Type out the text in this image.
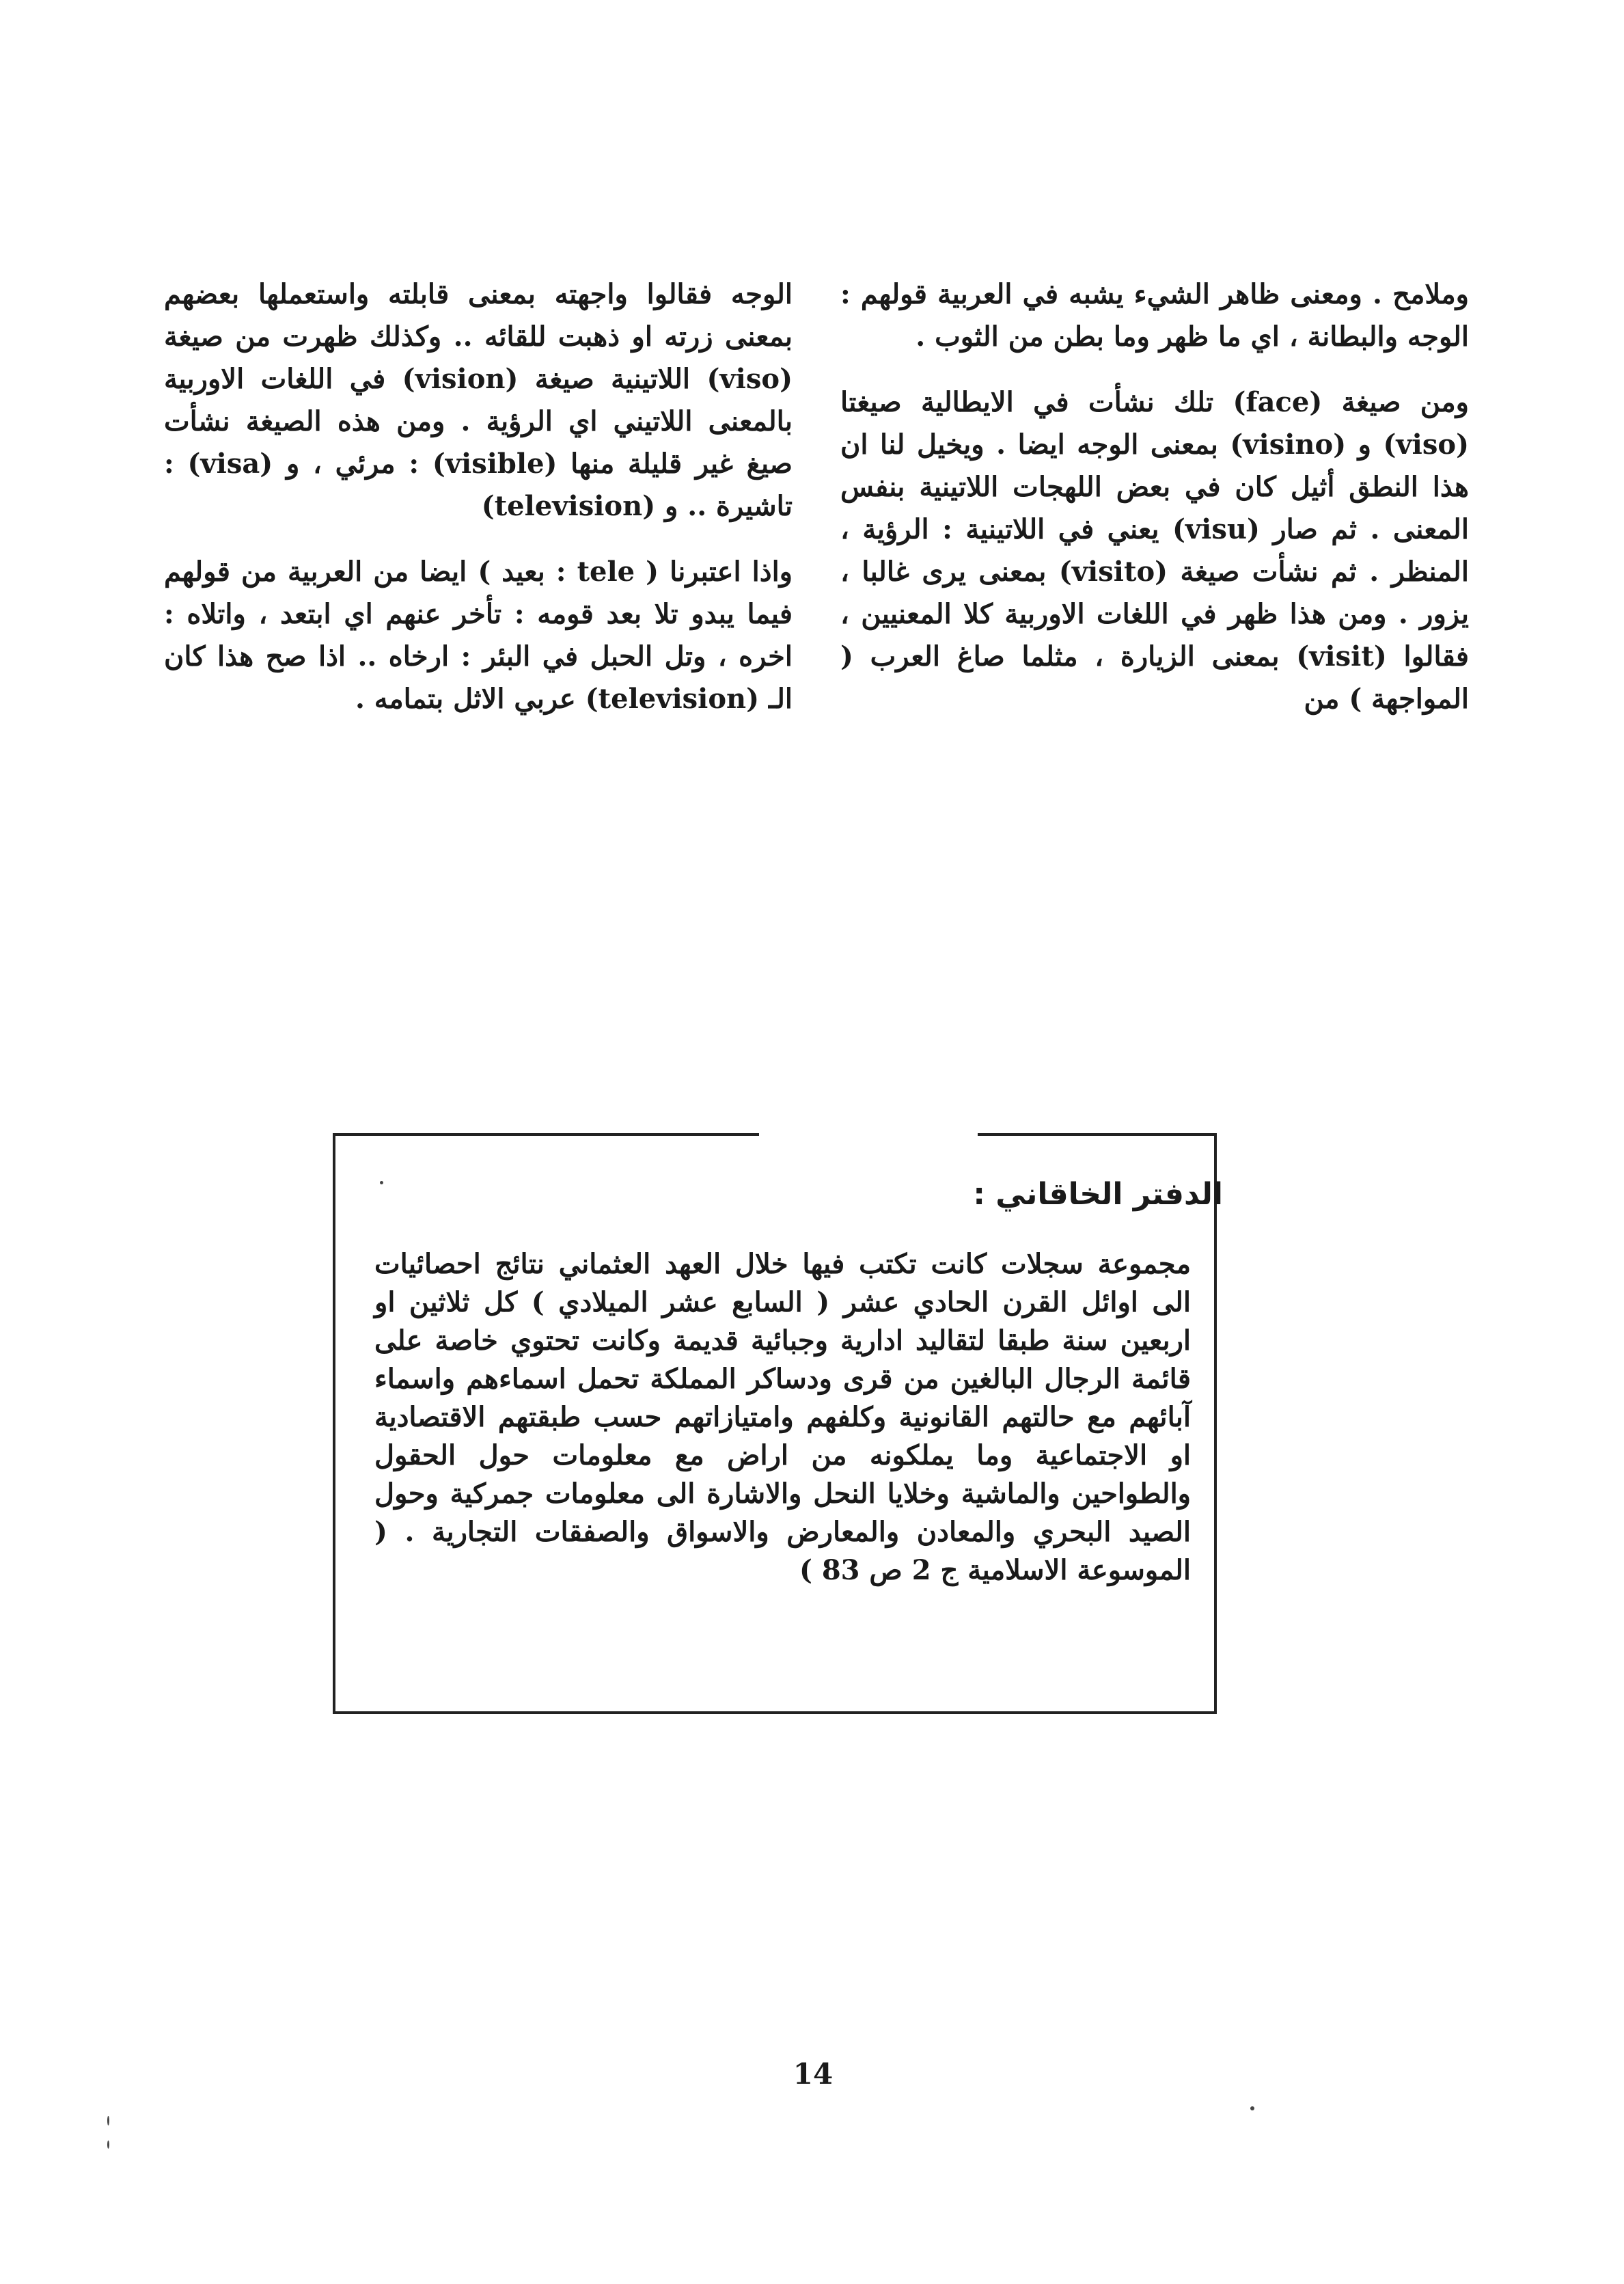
وملامح . ومعنى ظاهر الشيء يشبه في العربية قولهم : الوجه والبطانة ، اي ما ظهر وما بطن من الثوب .

ومن صيغة (face) تلك نشأت في الايطالية صيغتا (viso) و (visino) بمعنى الوجه ايضا . ويخيل لنا ان هذا النطق أثيل كان في بعض اللهجات اللاتينية بنفس المعنى . ثم صار (visu) يعني في اللاتينية : الرؤية ، المنظر . ثم نشأت صيغة (visito) بمعنى يرى غالبا ، يزور . ومن هذا ظهر في اللغات الاوربية كلا المعنيين ، فقالوا (visit) بمعنى الزيارة ، مثلما صاغ العرب ( المواجهة ) من

الوجه فقالوا واجهته بمعنى قابلته واستعملها بعضهم بمعنى زرته او ذهبت للقائه .. وكذلك ظهرت من صيغة (viso) اللاتينية صيغة (vision) في اللغات الاوربية بالمعنى اللاتيني اي الرؤية . ومن هذه الصيغة نشأت صيغ غير قليلة منها (visible) : مرئي ، و (visa) : تاشيرة .. و (television)

واذا اعتبرنا ( tele : بعيد ) ايضا من العربية من قولهم فيما يبدو تلا بعد قومه : تأخر عنهم اي ابتعد ، واتلاه : اخره ، وتل الحبل في البئر : ارخاه .. اذا صح هذا كان الـ (television) عربي الاثل بتمامه .

الدفتر الخاقاني :
مجموعة سجلات كانت تكتب فيها خلال العهد العثماني نتائج احصائيات الى اوائل القرن الحادي عشر ( السابع عشر الميلادي ) كل ثلاثين او اربعين سنة طبقا لتقاليد ادارية وجبائية قديمة وكانت تحتوي خاصة على قائمة الرجال البالغين من قرى ودساكر المملكة تحمل اسماءهم واسماء آبائهم مع حالتهم القانونية وكلفهم وامتيازاتهم حسب طبقتهم الاقتصادية او الاجتماعية وما يملكونه من اراض مع معلومات حول الحقول والطواحين والماشية وخلايا النحل والاشارة الى معلومات جمركية وحول الصيد البحري والمعادن والمعارض والاسواق والصفقات التجارية . ( الموسوعة الاسلامية ج 2 ص 83 )
14
